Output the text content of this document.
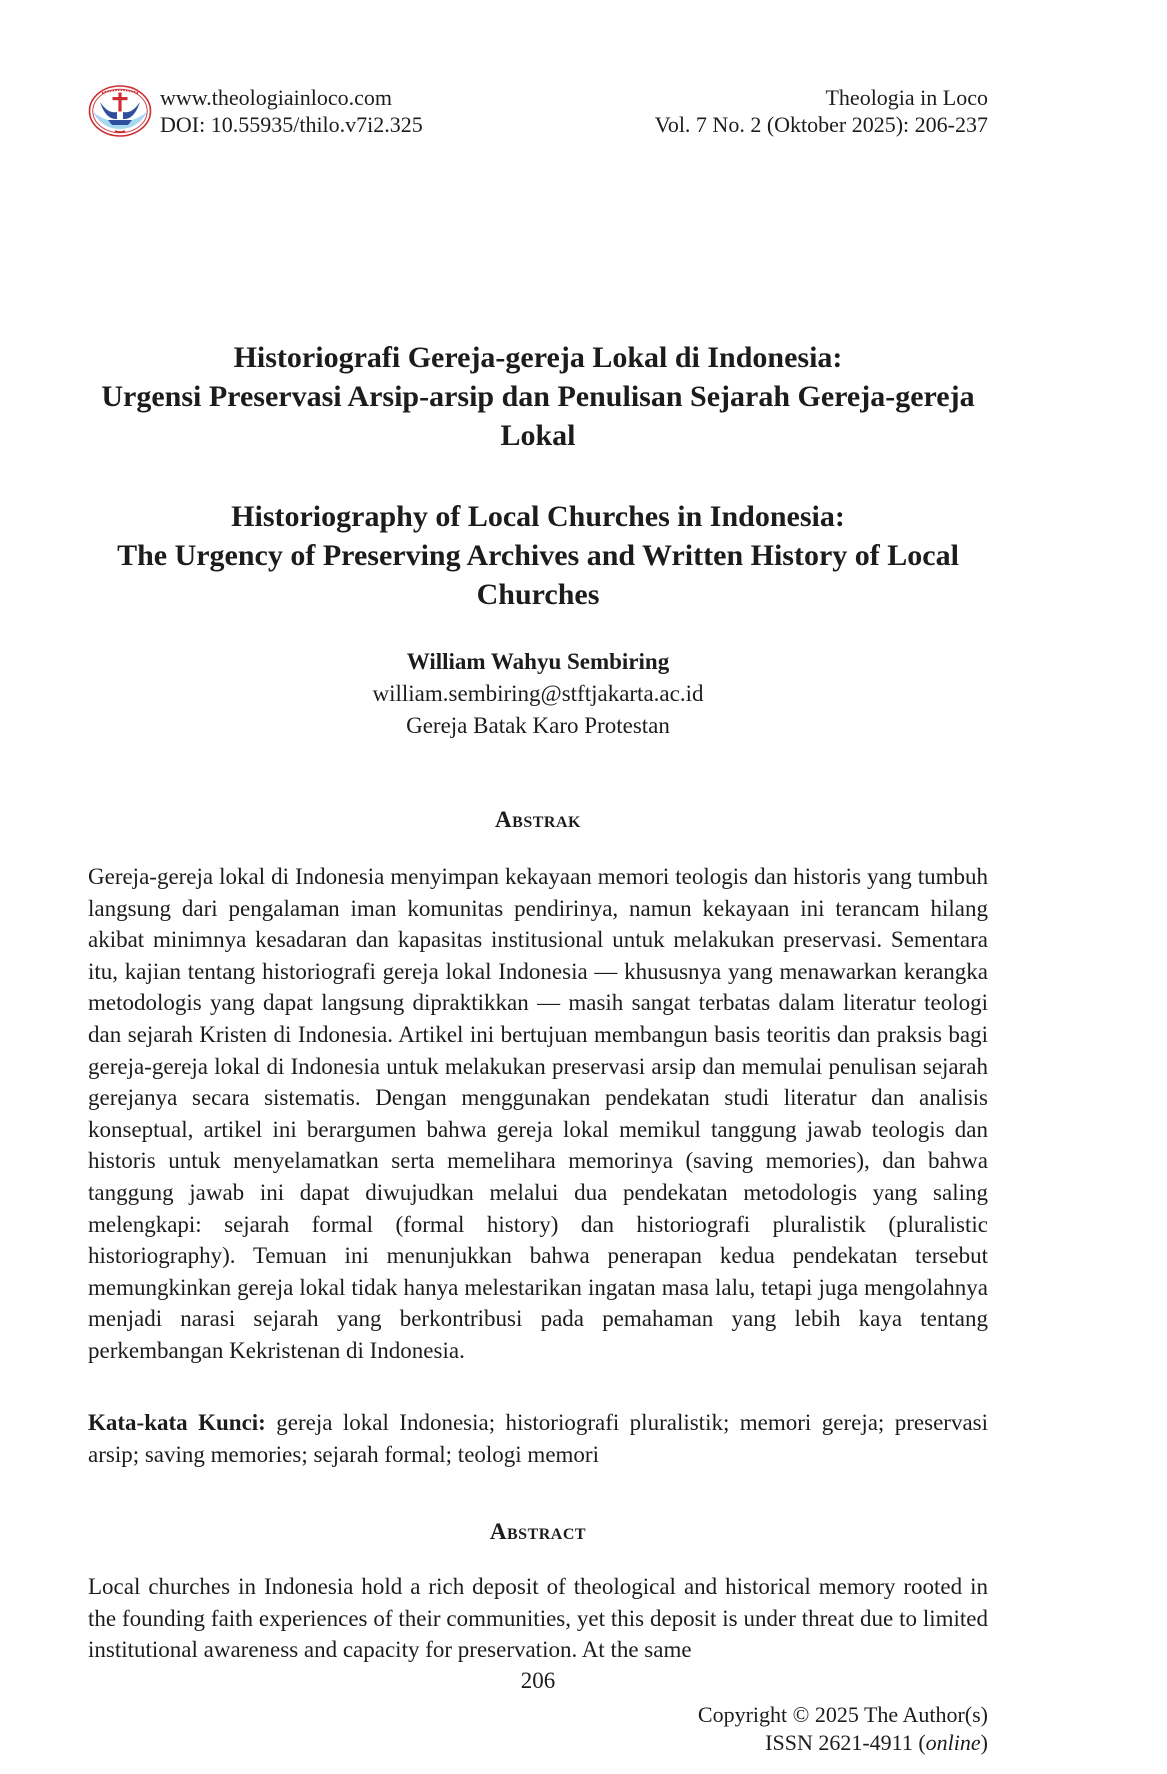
www.theologiainloco.com
DOI: 10.55935/thilo.v7i2.325
Theologia in Loco
Vol. 7 No. 2 (Oktober 2025): 206-237
Historiografi Gereja-gereja Lokal di Indonesia:
Urgensi Preservasi Arsip-arsip dan Penulisan Sejarah Gereja-gereja Lokal
Historiography of Local Churches in Indonesia:
The Urgency of Preserving Archives and Written History of Local Churches
William Wahyu Sembiring
william.sembiring@stftjakarta.ac.id
Gereja Batak Karo Protestan
Abstrak

Gereja-gereja lokal di Indonesia menyimpan kekayaan memori teologis dan historis yang tumbuh langsung dari pengalaman iman komunitas pendirinya, namun kekayaan ini terancam hilang akibat minimnya kesadaran dan kapasitas institusional untuk melakukan preservasi. Sementara itu, kajian tentang historiografi gereja lokal Indonesia — khususnya yang menawarkan kerangka metodologis yang dapat langsung dipraktikkan — masih sangat terbatas dalam literatur teologi dan sejarah Kristen di Indonesia. Artikel ini bertujuan membangun basis teoritis dan praksis bagi gereja-gereja lokal di Indonesia untuk melakukan preservasi arsip dan memulai penulisan sejarah gerejanya secara sistematis. Dengan menggunakan pendekatan studi literatur dan analisis konseptual, artikel ini berargumen bahwa gereja lokal memikul tanggung jawab teologis dan historis untuk menyelamatkan serta memelihara memorinya (saving memories), dan bahwa tanggung jawab ini dapat diwujudkan melalui dua pendekatan metodologis yang saling melengkapi: sejarah formal (formal history) dan historiografi pluralistik (pluralistic historiography). Temuan ini menunjukkan bahwa penerapan kedua pendekatan tersebut memungkinkan gereja lokal tidak hanya melestarikan ingatan masa lalu, tetapi juga mengolahnya menjadi narasi sejarah yang berkontribusi pada pemahaman yang lebih kaya tentang perkembangan Kekristenan di Indonesia.

Kata-kata Kunci: gereja lokal Indonesia; historiografi pluralistik; memori gereja; preservasi arsip; saving memories; sejarah formal; teologi memori

Abstract

Local churches in Indonesia hold a rich deposit of theological and historical memory rooted in the founding faith experiences of their communities, yet this deposit is under threat due to limited institutional awareness and capacity for preservation. At the same

206
Copyright © 2025 The Author(s)
ISSN 2621-4911 (online)
